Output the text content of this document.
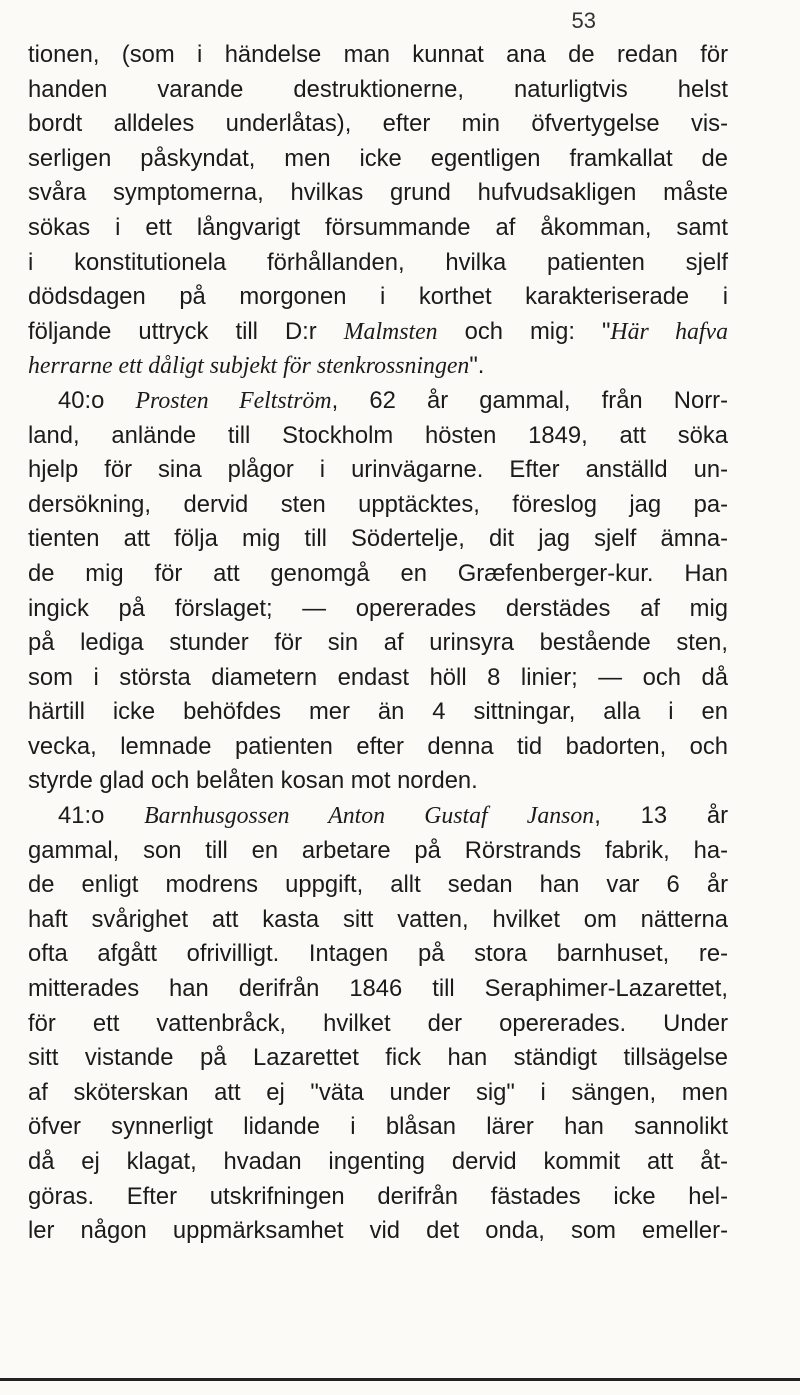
53
tionen, (som i händelse man kunnat ana de redan för
handen varande destruktionerne, naturligtvis helst
bordt alldeles underlåtas), efter min öfvertygelse vis-
serligen påskyndat, men icke egentligen framkallat de
svåra symptomerna, hvilkas grund hufvudsakligen måste
sökas i ett långvarigt försummande af åkomman, samt
i konstitutionela förhållanden, hvilka patienten sjelf
dödsdagen på morgonen i korthet karakteriserade i
följande uttryck till D:r Malmsten och mig: "Här hafva
herrarne ett dåligt subjekt för stenkrossningen".
40:o Prosten Feltström, 62 år gammal, från Norr-
land, anlände till Stockholm hösten 1849, att söka
hjelp för sina plågor i urinvägarne. Efter anställd un-
dersökning, dervid sten upptäcktes, föreslog jag pa-
tienten att följa mig till Södertelje, dit jag sjelf ämna-
de mig för att genomgå en Græfenberger-kur. Han
ingick på förslaget; — opererades derstädes af mig
på lediga stunder för sin af urinsyra bestående sten,
som i största diametern endast höll 8 linier; — och då
härtill icke behöfdes mer än 4 sittningar, alla i en
vecka, lemnade patienten efter denna tid badorten, och
styrde glad och belåten kosan mot norden.
41:o Barnhusgossen Anton Gustaf Janson, 13 år
gammal, son till en arbetare på Rörstrands fabrik, ha-
de enligt modrens uppgift, allt sedan han var 6 år
haft svårighet att kasta sitt vatten, hvilket om nätterna
ofta afgått ofrivilligt. Intagen på stora barnhuset, re-
mitterades han derifrån 1846 till Seraphimer-Lazarettet,
för ett vattenbråck, hvilket der opererades. Under
sitt vistande på Lazarettet fick han ständigt tillsägelse
af sköterskan att ej "väta under sig" i sängen, men
öfver synnerligt lidande i blåsan lärer han sannolikt
då ej klagat, hvadan ingenting dervid kommit att åt-
göras. Efter utskrifningen derifrån fästades icke hel-
ler någon uppmärksamhet vid det onda, som emeller-
